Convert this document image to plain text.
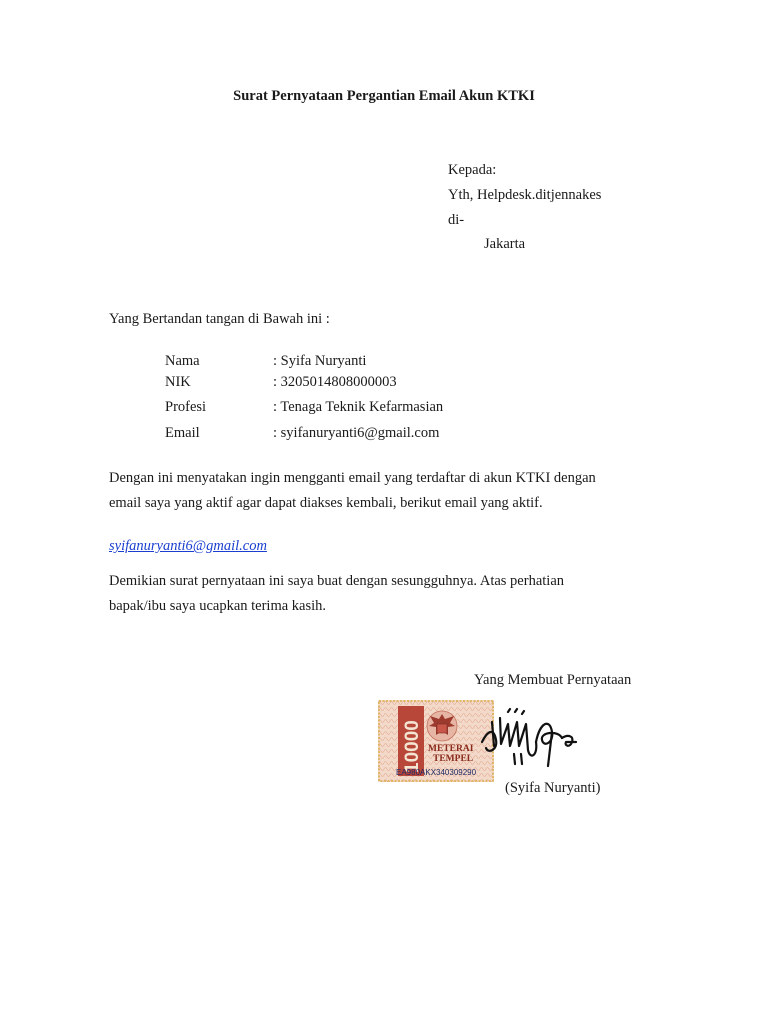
Surat Pernyataan Pergantian Email Akun KTKI
Kepada:
Yth, Helpdesk.ditjennakes
di-
Jakarta
Yang Bertandan tangan di Bawah ini :
Nama	: Syifa Nuryanti
NIK	: 3205014808000003
Profesi	: Tenaga Teknik Kefarmasian
Email	: syifanuryanti6@gmail.com
Dengan ini menyatakan ingin mengganti email yang terdaftar di akun KTKI dengan
email saya yang aktif agar dapat diakses kembali, berikut email yang aktif.
syifanuryanti6@gmail.com
Demikian surat pernyataan ini saya buat dengan sesungguhnya. Atas perhatian
bapak/ibu saya ucapkan terima kasih.
Yang Membuat Pernyataan
10000 METERAI
TEMPEL
EA980AKX340309290
(Syifa Nuryanti)
